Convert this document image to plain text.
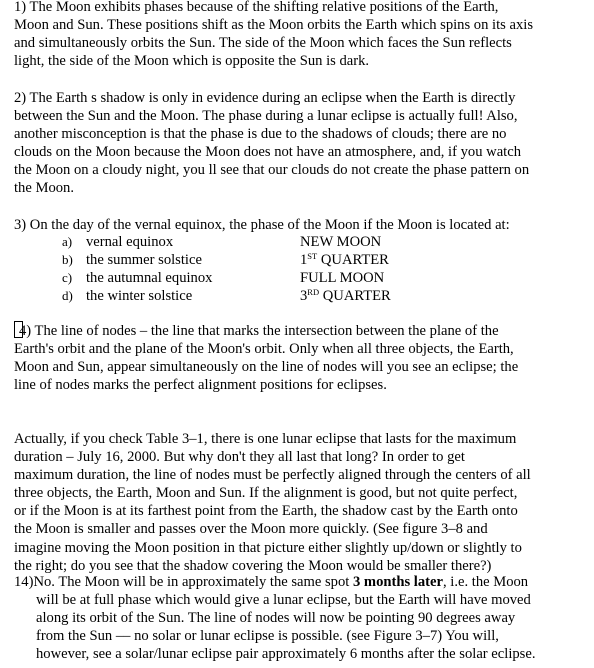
1) The Moon exhibits phases because of the shifting relative positions of the Earth,
Moon and Sun. These positions shift as the Moon orbits the Earth which spins on its axis
and simultaneously orbits the Sun. The side of the Moon which faces the Sun reflects
light, the side of the Moon which is opposite the Sun is dark.
2) The Earth s shadow is only in evidence during an eclipse when the Earth is directly
between the Sun and the Moon. The phase during a lunar eclipse is actually full! Also,
another misconception is that the phase is due to the shadows of clouds; there are no
clouds on the Moon because the Moon does not have an atmosphere, and, if you watch
the Moon on a cloudy night, you ll see that our clouds do not create the phase pattern on
the Moon.
3) On the day of the vernal equinox, the phase of the Moon if the Moon is located at:
a) vernal equinox	NEW MOON
b) the summer solstice	1ST QUARTER
c) the autumnal equinox	FULL MOON
d) the winter solstice	3RD QUARTER
4) The line of nodes – the line that marks the intersection between the plane of the
Earth's orbit and the plane of the Moon's orbit. Only when all three objects, the Earth,
Moon and Sun, appear simultaneously on the line of nodes will you see an eclipse; the
line of nodes marks the perfect alignment positions for eclipses.
Actually, if you check Table 3–1, there is one lunar eclipse that lasts for the maximum
duration – July 16, 2000. But why don't they all last that long? In order to get
maximum duration, the line of nodes must be perfectly aligned through the centers of all
three objects, the Earth, Moon and Sun. If the alignment is good, but not quite perfect,
or if the Moon is at its farthest point from the Earth, the shadow cast by the Earth onto
the Moon is smaller and passes over the Moon more quickly. (See figure 3–8 and
imagine moving the Moon position in that picture either slightly up/down or slightly to
the right; do you see that the shadow covering the Moon would be smaller there?)
14)No. The Moon will be in approximately the same spot 3 months later, i.e. the Moon
will be at full phase which would give a lunar eclipse, but the Earth will have moved
along its orbit of the Sun. The line of nodes will now be pointing 90 degrees away
from the Sun –– no solar or lunar eclipse is possible. (see Figure 3–7) You will,
however, see a solar/lunar eclipse pair approximately 6 months after the solar eclipse.
